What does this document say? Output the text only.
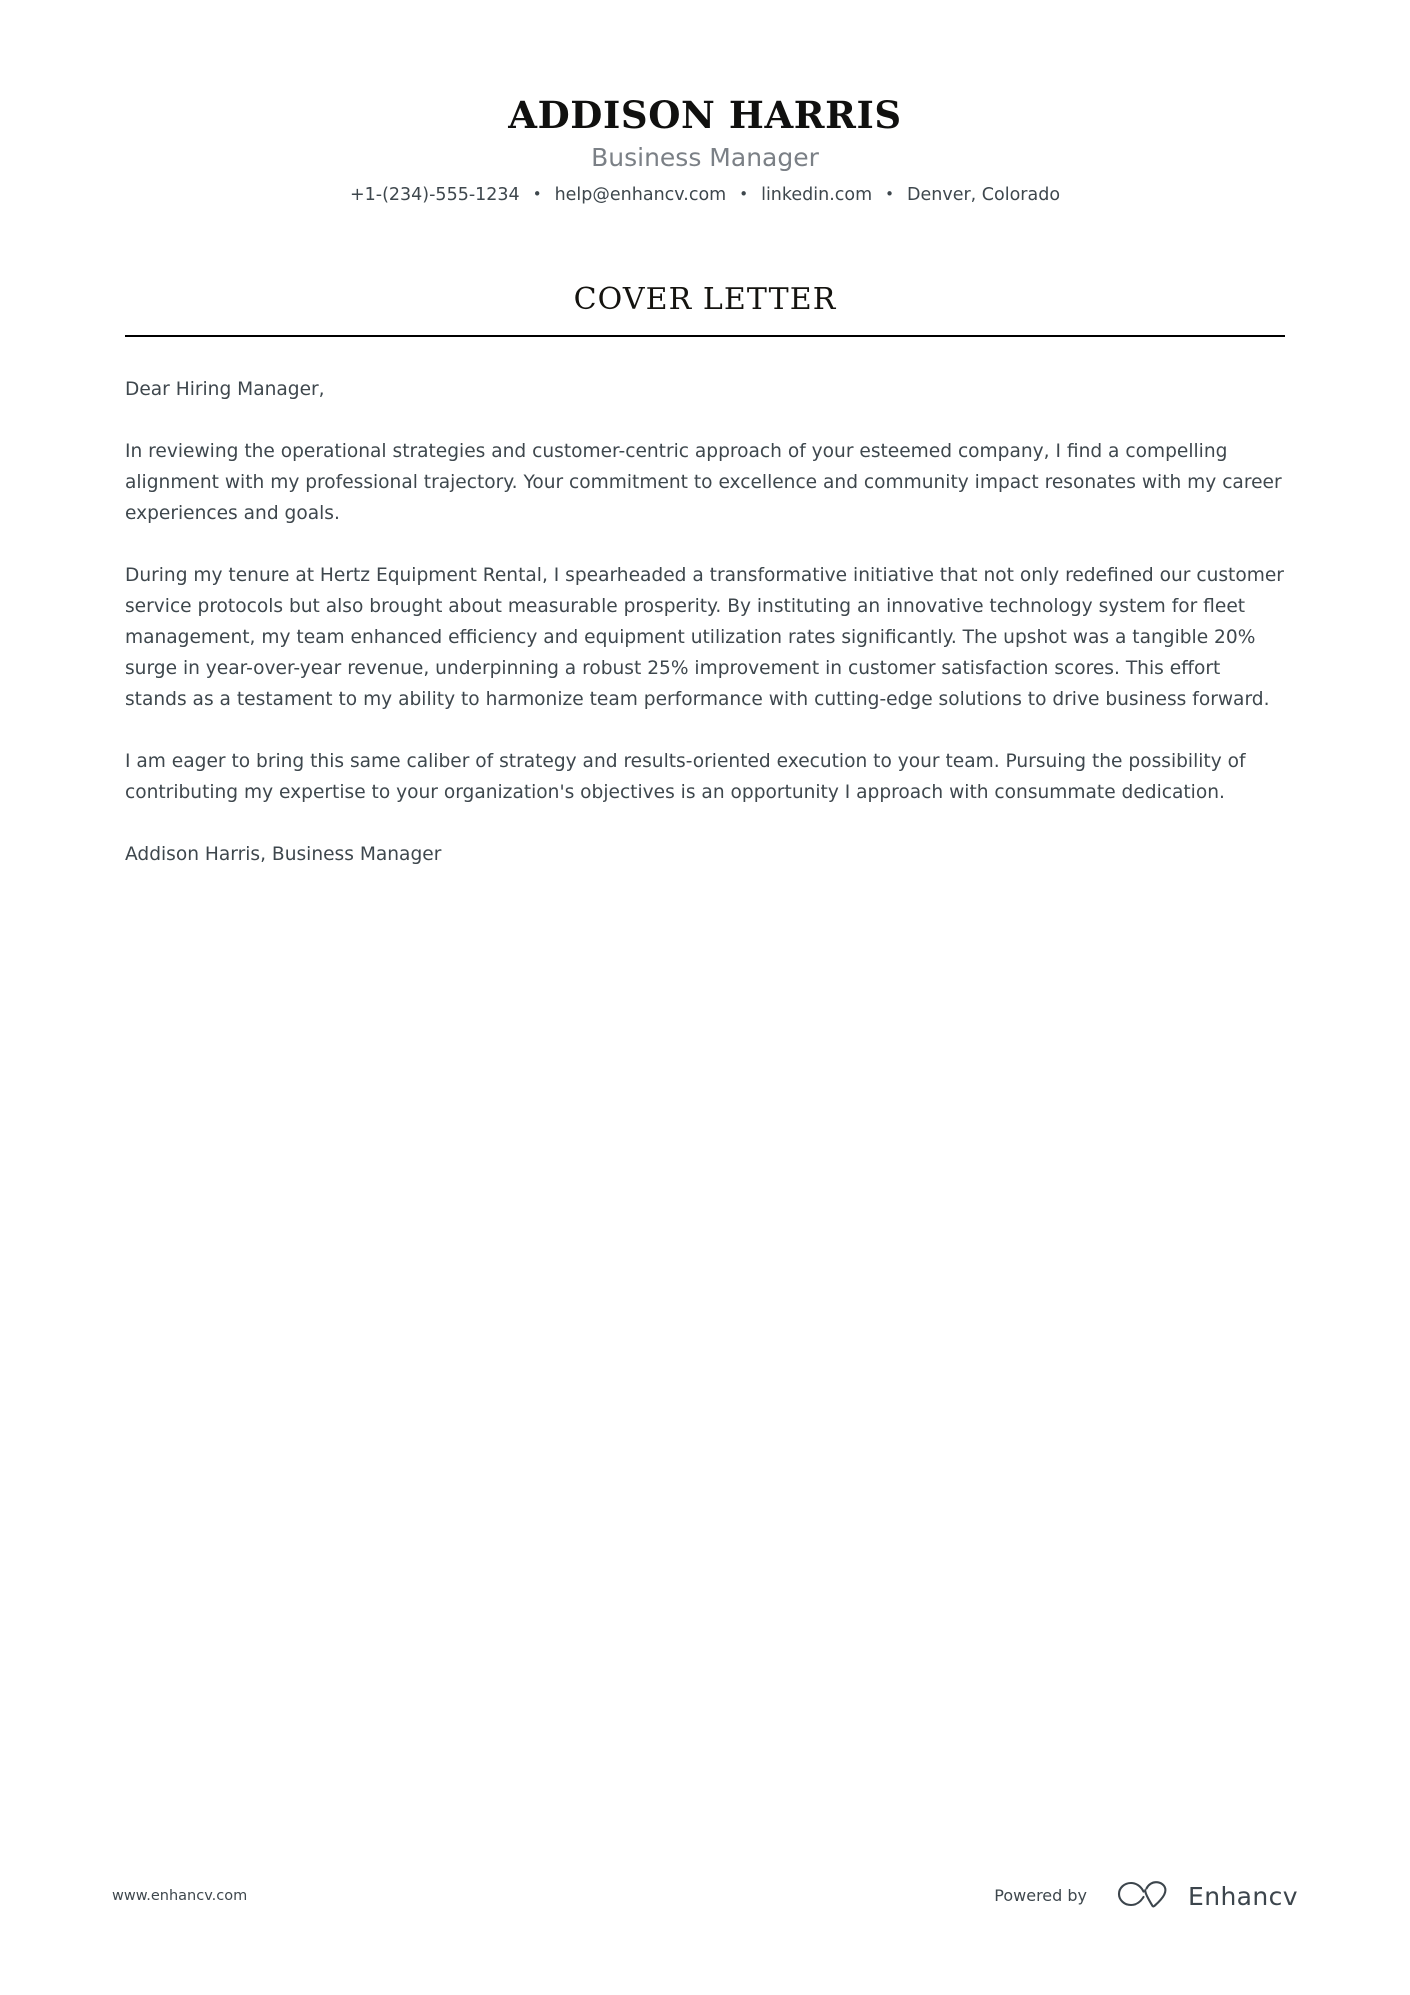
ADDISON HARRIS
Business Manager
+1-(234)-555-1234 • help@enhancv.com • linkedin.com • Denver, Colorado
COVER LETTER

Dear Hiring Manager,

In reviewing the operational strategies and customer-centric approach of your esteemed company, I find a compelling alignment with my professional trajectory. Your commitment to excellence and community impact resonates with my career experiences and goals.

During my tenure at Hertz Equipment Rental, I spearheaded a transformative initiative that not only redefined our customer service protocols but also brought about measurable prosperity. By instituting an innovative technology system for fleet management, my team enhanced efficiency and equipment utilization rates significantly. The upshot was a tangible 20% surge in year-over-year revenue, underpinning a robust 25% improvement in customer satisfaction scores. This effort stands as a testament to my ability to harmonize team performance with cutting-edge solutions to drive business forward.

I am eager to bring this same caliber of strategy and results-oriented execution to your team. Pursuing the possibility of contributing my expertise to your organization's objectives is an opportunity I approach with consummate dedication.

Addison Harris, Business Manager

www.enhancv.com	Powered by	Enhancv
